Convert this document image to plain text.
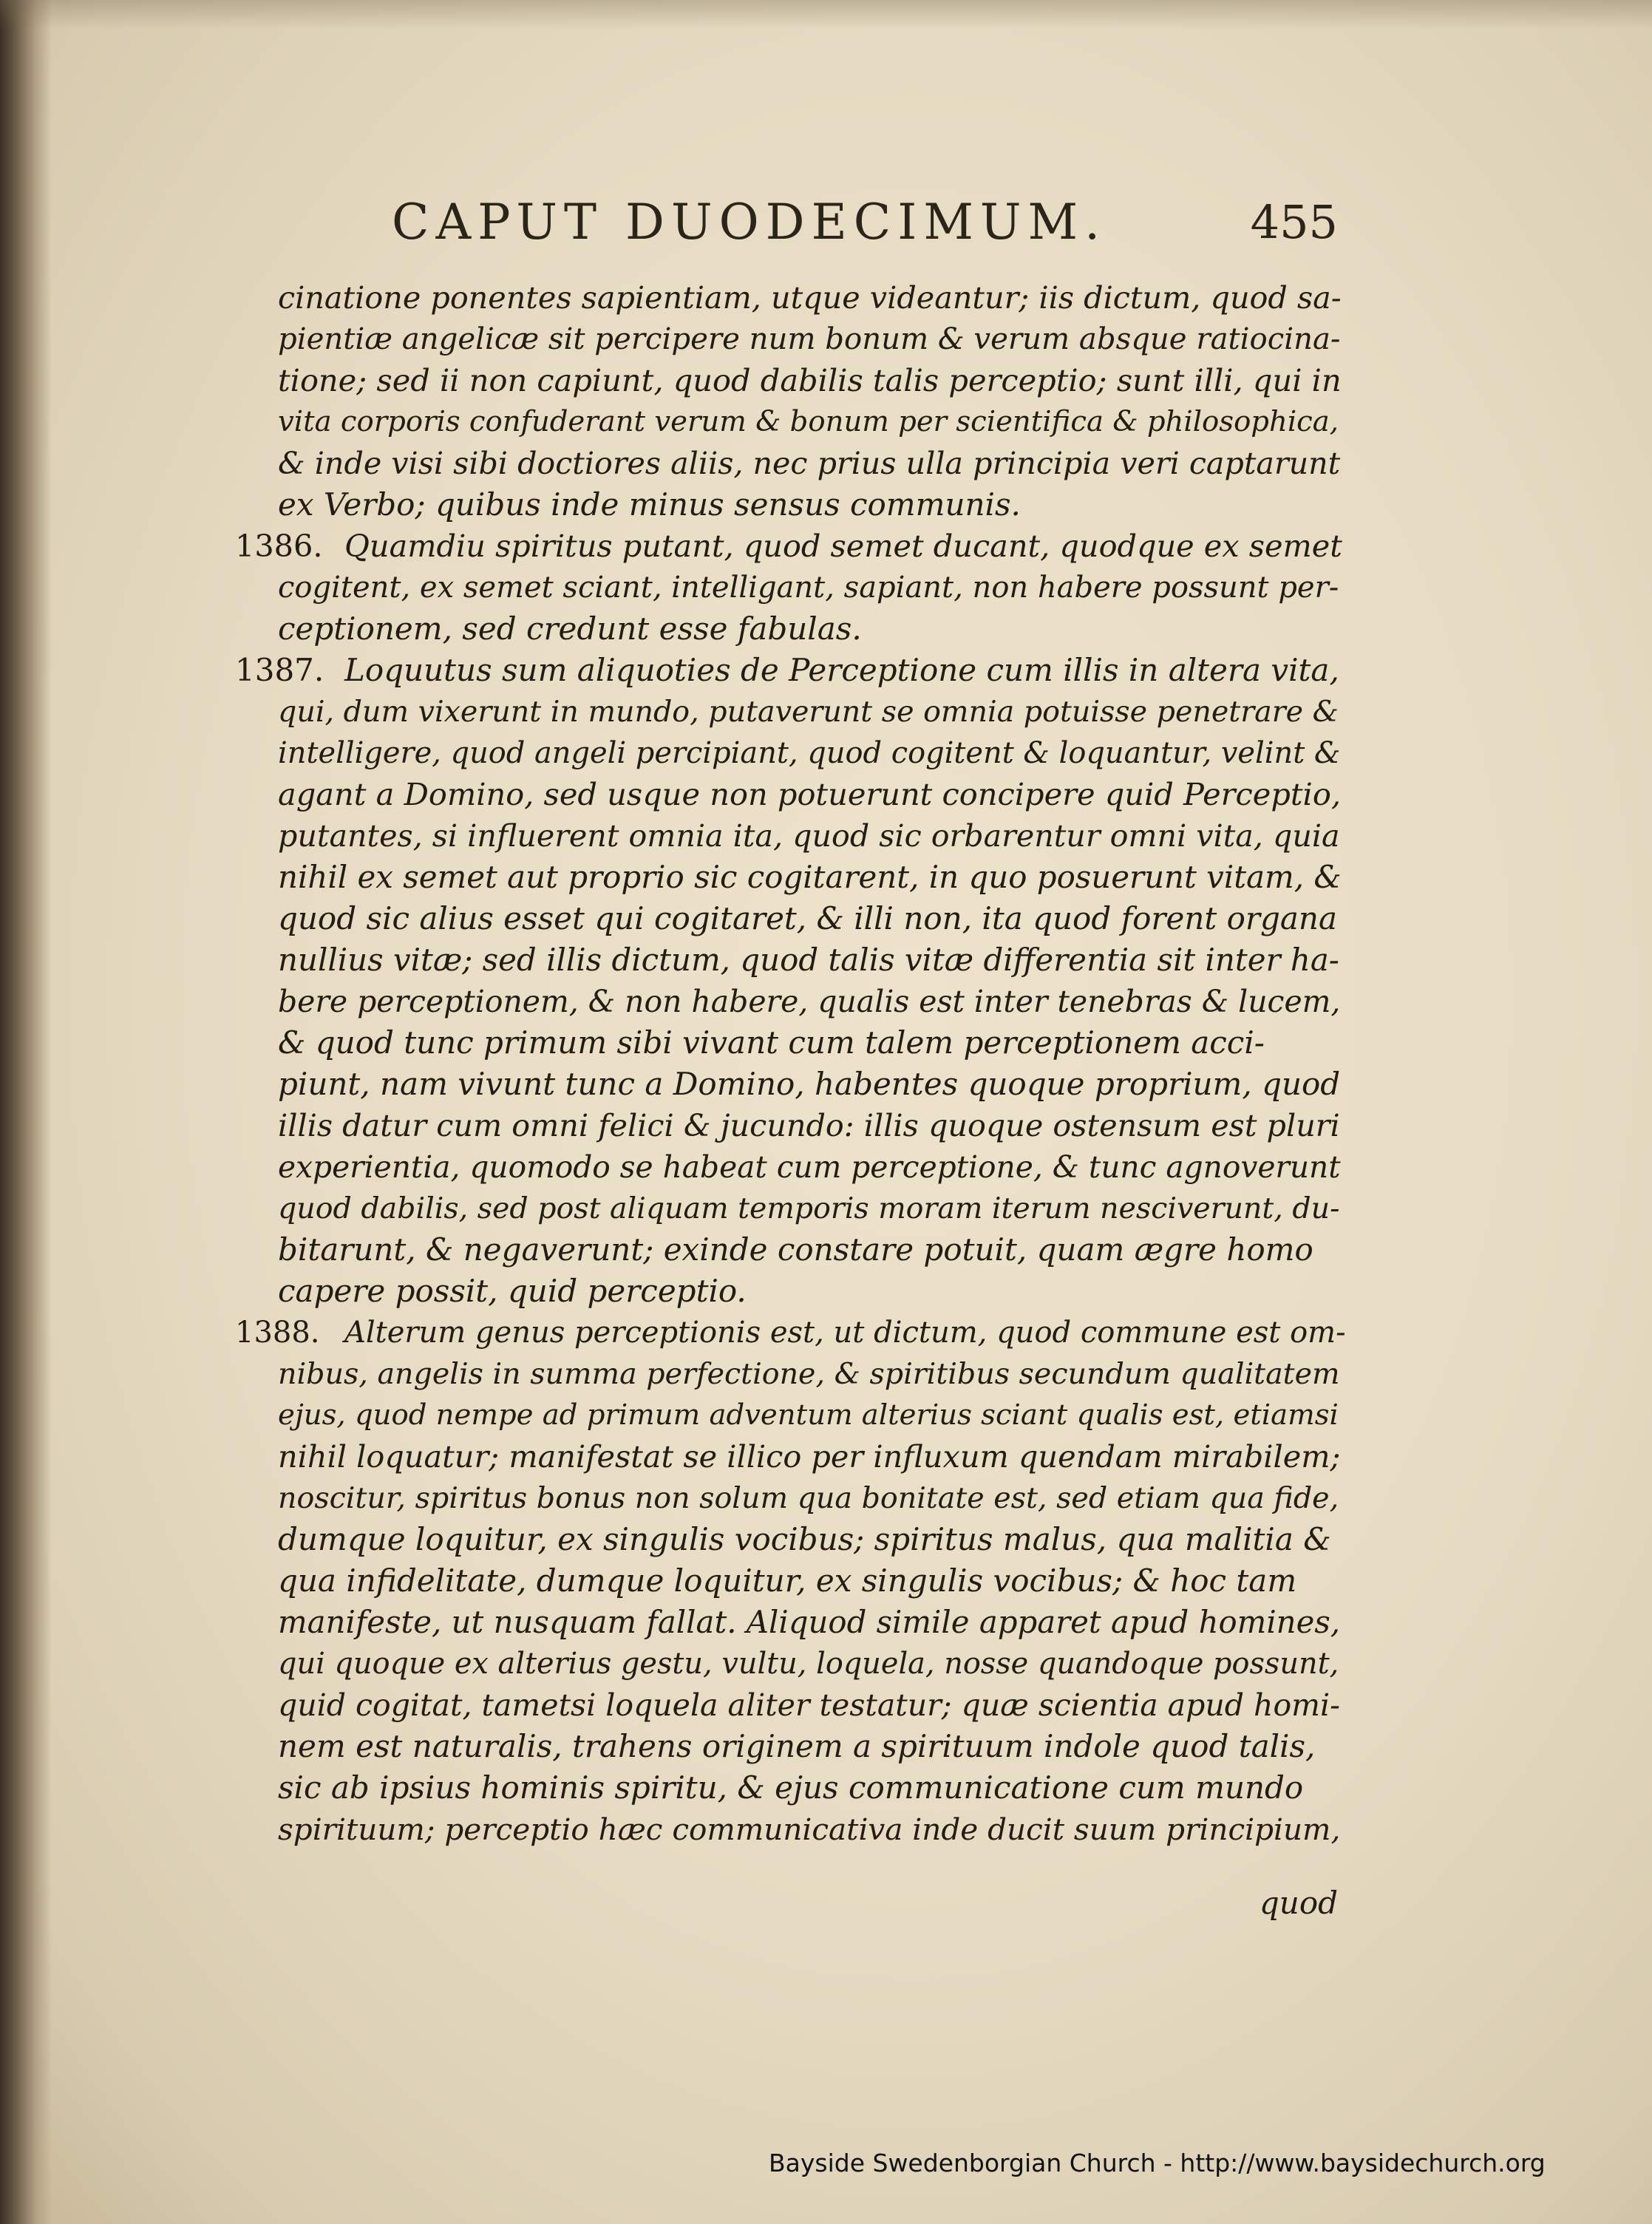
CAPUT DUODECIMUM.	455
cinatione ponentes sapientiam, utque videantur; iis dictum, quod sa-
pientiæ angelicæ sit percipere num bonum & verum absque ratiocina-
tione; sed ii non capiunt, quod dabilis talis perceptio; sunt illi, qui in
vita corporis confuderant verum & bonum per scientifica & philosophica,
& inde visi sibi doctiores aliis, nec prius ulla principia veri captarunt
ex Verbo; quibus inde minus sensus communis.
1386. Quamdiu spiritus putant, quod semet ducant, quodque ex semet
cogitent, ex semet sciant, intelligant, sapiant, non habere possunt per-
ceptionem, sed credunt esse fabulas.
1387. Loquutus sum aliquoties de Perceptione cum illis in altera vita,
qui, dum vixerunt in mundo, putaverunt se omnia potuisse penetrare &
intelligere, quod angeli percipiant, quod cogitent & loquantur, velint &
agant a Domino, sed usque non potuerunt concipere quid Perceptio,
putantes, si influerent omnia ita, quod sic orbarentur omni vita, quia
nihil ex semet aut proprio sic cogitarent, in quo posuerunt vitam, &
quod sic alius esset qui cogitaret, & illi non, ita quod forent organa
nullius vitæ; sed illis dictum, quod talis vitæ differentia sit inter ha-
bere perceptionem, & non habere, qualis est inter tenebras & lucem,
& quod tunc primum sibi vivant cum talem perceptionem acci-
piunt, nam vivunt tunc a Domino, habentes quoque proprium, quod
illis datur cum omni felici & jucundo: illis quoque ostensum est pluri
experientia, quomodo se habeat cum perceptione, & tunc agnoverunt
quod dabilis, sed post aliquam temporis moram iterum nesciverunt, du-
bitarunt, & negaverunt; exinde constare potuit, quam ægre homo
capere possit, quid perceptio.
1388. Alterum genus perceptionis est, ut dictum, quod commune est om-
nibus, angelis in summa perfectione, & spiritibus secundum qualitatem
ejus, quod nempe ad primum adventum alterius sciant qualis est, etiamsi
nihil loquatur; manifestat se illico per influxum quendam mirabilem;
noscitur, spiritus bonus non solum qua bonitate est, sed etiam qua fide,
dumque loquitur, ex singulis vocibus; spiritus malus, qua malitia &
qua infidelitate, dumque loquitur, ex singulis vocibus; & hoc tam
manifeste, ut nusquam fallat. Aliquod simile apparet apud homines,
qui quoque ex alterius gestu, vultu, loquela, nosse quandoque possunt,
quid cogitat, tametsi loquela aliter testatur; quæ scientia apud homi-
nem est naturalis, trahens originem a spirituum indole quod talis,
sic ab ipsius hominis spiritu, & ejus communicatione cum mundo
spirituum; perceptio hæc communicativa inde ducit suum principium,
quod
Bayside Swedenborgian Church - http://www.baysidechurch.org
